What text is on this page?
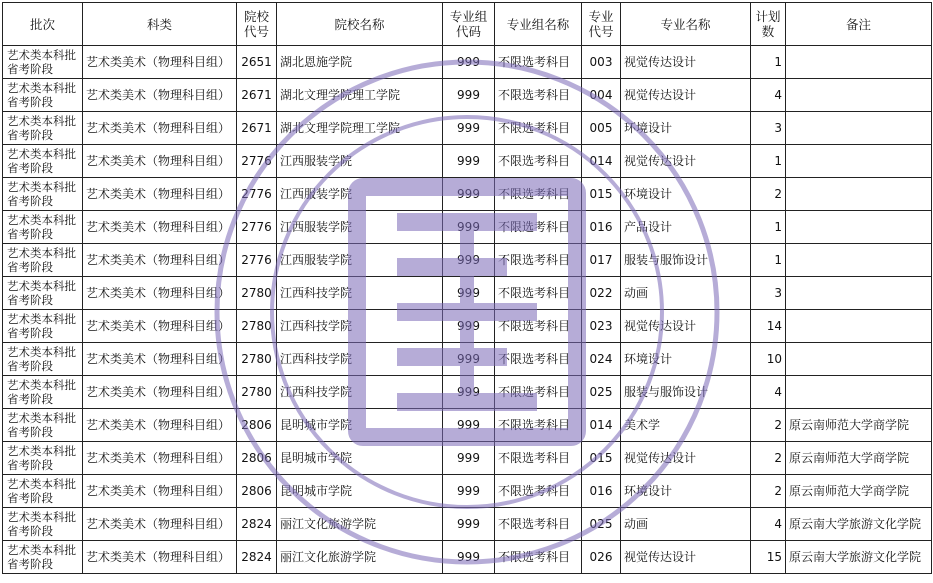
批次	科类	院校代号	院校名称	专业组代码	专业组名称	专业代号	专业名称	计划数	备注
艺术类本科批省考阶段	艺术类美术（物理科目组）	2651	湖北恩施学院	999	不限选考科目	003	视觉传达设计	1	
艺术类本科批省考阶段	艺术类美术（物理科目组）	2671	湖北文理学院理工学院	999	不限选考科目	004	视觉传达设计	4	
艺术类本科批省考阶段	艺术类美术（物理科目组）	2671	湖北文理学院理工学院	999	不限选考科目	005	环境设计	3	
艺术类本科批省考阶段	艺术类美术（物理科目组）	2776	江西服装学院	999	不限选考科目	014	视觉传达设计	1	
艺术类本科批省考阶段	艺术类美术（物理科目组）	2776	江西服装学院	999	不限选考科目	015	环境设计	2	
艺术类本科批省考阶段	艺术类美术（物理科目组）	2776	江西服装学院	999	不限选考科目	016	产品设计	1	
艺术类本科批省考阶段	艺术类美术（物理科目组）	2776	江西服装学院	999	不限选考科目	017	服装与服饰设计	1	
艺术类本科批省考阶段	艺术类美术（物理科目组）	2780	江西科技学院	999	不限选考科目	022	动画	3	
艺术类本科批省考阶段	艺术类美术（物理科目组）	2780	江西科技学院	999	不限选考科目	023	视觉传达设计	14	
艺术类本科批省考阶段	艺术类美术（物理科目组）	2780	江西科技学院	999	不限选考科目	024	环境设计	10	
艺术类本科批省考阶段	艺术类美术（物理科目组）	2780	江西科技学院	999	不限选考科目	025	服装与服饰设计	4	
艺术类本科批省考阶段	艺术类美术（物理科目组）	2806	昆明城市学院	999	不限选考科目	014	美术学	2	原云南师范大学商学院
艺术类本科批省考阶段	艺术类美术（物理科目组）	2806	昆明城市学院	999	不限选考科目	015	视觉传达设计	2	原云南师范大学商学院
艺术类本科批省考阶段	艺术类美术（物理科目组）	2806	昆明城市学院	999	不限选考科目	016	环境设计	2	原云南师范大学商学院
艺术类本科批省考阶段	艺术类美术（物理科目组）	2824	丽江文化旅游学院	999	不限选考科目	025	动画	4	原云南大学旅游文化学院
艺术类本科批省考阶段	艺术类美术（物理科目组）	2824	丽江文化旅游学院	999	不限选考科目	026	视觉传达设计	15	原云南大学旅游文化学院
